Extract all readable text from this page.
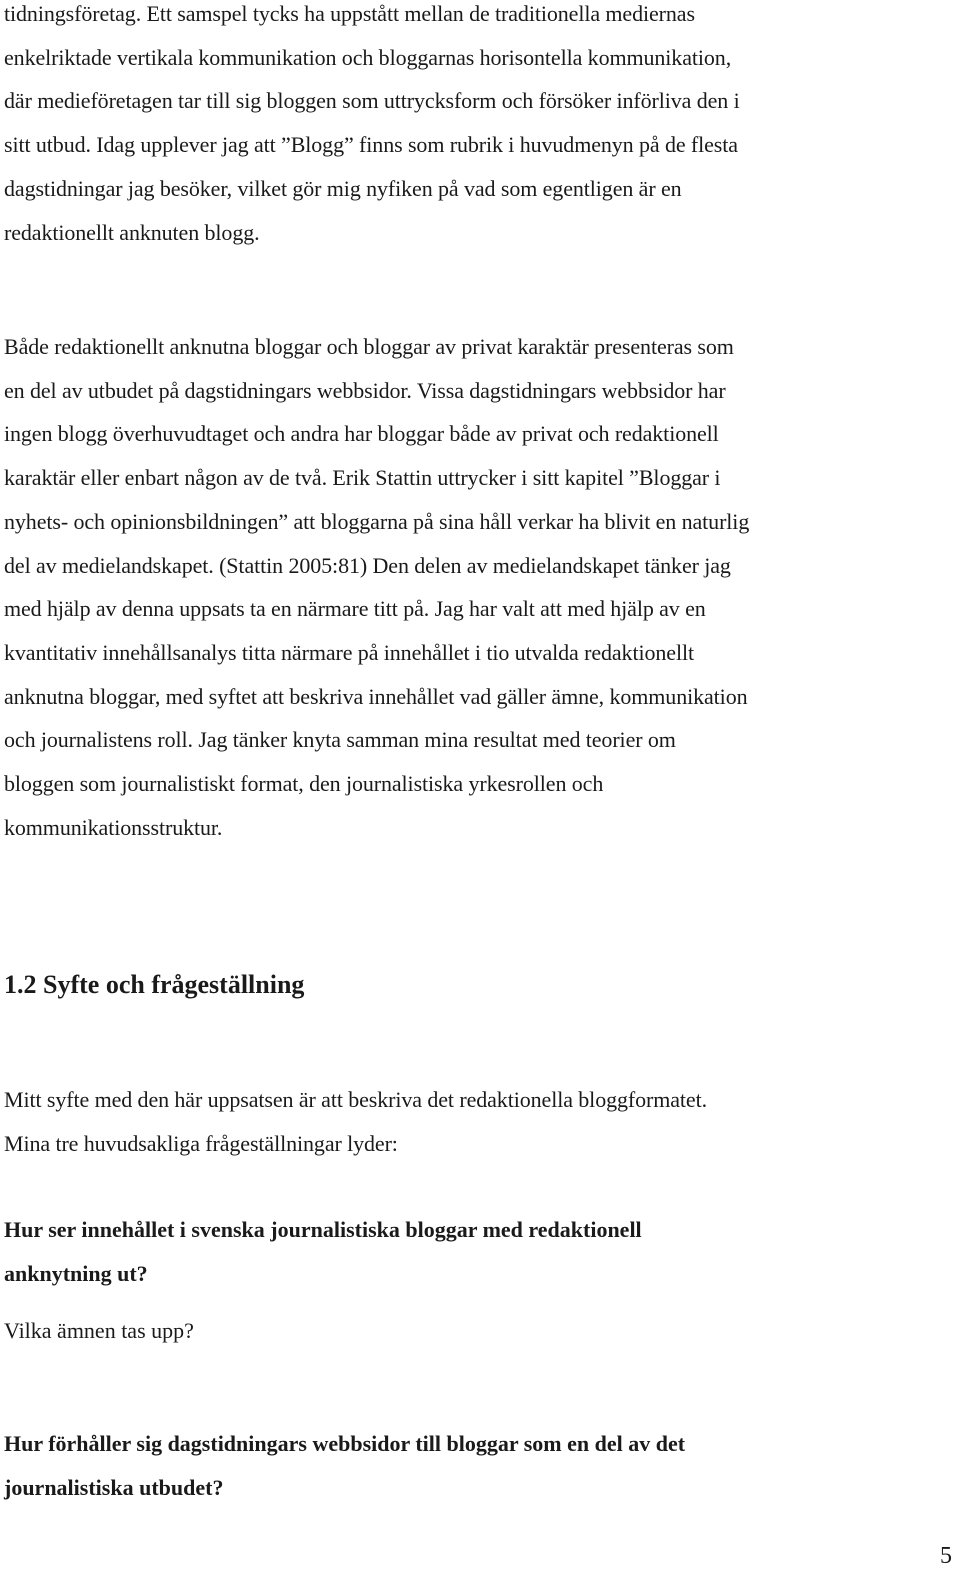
tidningsföretag. Ett samspel tycks ha uppstått mellan de traditionella mediernas
enkelriktade vertikala kommunikation och bloggarnas horisontella kommunikation,
där medieföretagen tar till sig bloggen som uttrycksform och försöker införliva den i
sitt utbud. Idag upplever jag att ”Blogg” finns som rubrik i huvudmenyn på de flesta
dagstidningar jag besöker, vilket gör mig nyfiken på vad som egentligen är en
redaktionellt anknuten blogg.
Både redaktionellt anknutna bloggar och bloggar av privat karaktär presenteras som
en del av utbudet på dagstidningars webbsidor. Vissa dagstidningars webbsidor har
ingen blogg överhuvudtaget och andra har bloggar både av privat och redaktionell
karaktär eller enbart någon av de två. Erik Stattin uttrycker i sitt kapitel ”Bloggar i
nyhets- och opinionsbildningen” att bloggarna på sina håll verkar ha blivit en naturlig
del av medielandskapet. (Stattin 2005:81) Den delen av medielandskapet tänker jag
med hjälp av denna uppsats ta en närmare titt på. Jag har valt att med hjälp av en
kvantitativ innehållsanalys titta närmare på innehållet i tio utvalda redaktionellt
anknutna bloggar, med syftet att beskriva innehållet vad gäller ämne, kommunikation
och journalistens roll. Jag tänker knyta samman mina resultat med teorier om
bloggen som journalistiskt format, den journalistiska yrkesrollen och
kommunikationsstruktur.
1.2 Syfte och frågeställning
Mitt syfte med den här uppsatsen är att beskriva det redaktionella bloggformatet.
Mina tre huvudsakliga frågeställningar lyder:
Hur ser innehållet i svenska journalistiska bloggar med redaktionell
anknytning ut?

Vilka ämnen tas upp?

Hur förhåller sig dagstidningars webbsidor till bloggar som en del av det
journalistiska utbudet?
5
